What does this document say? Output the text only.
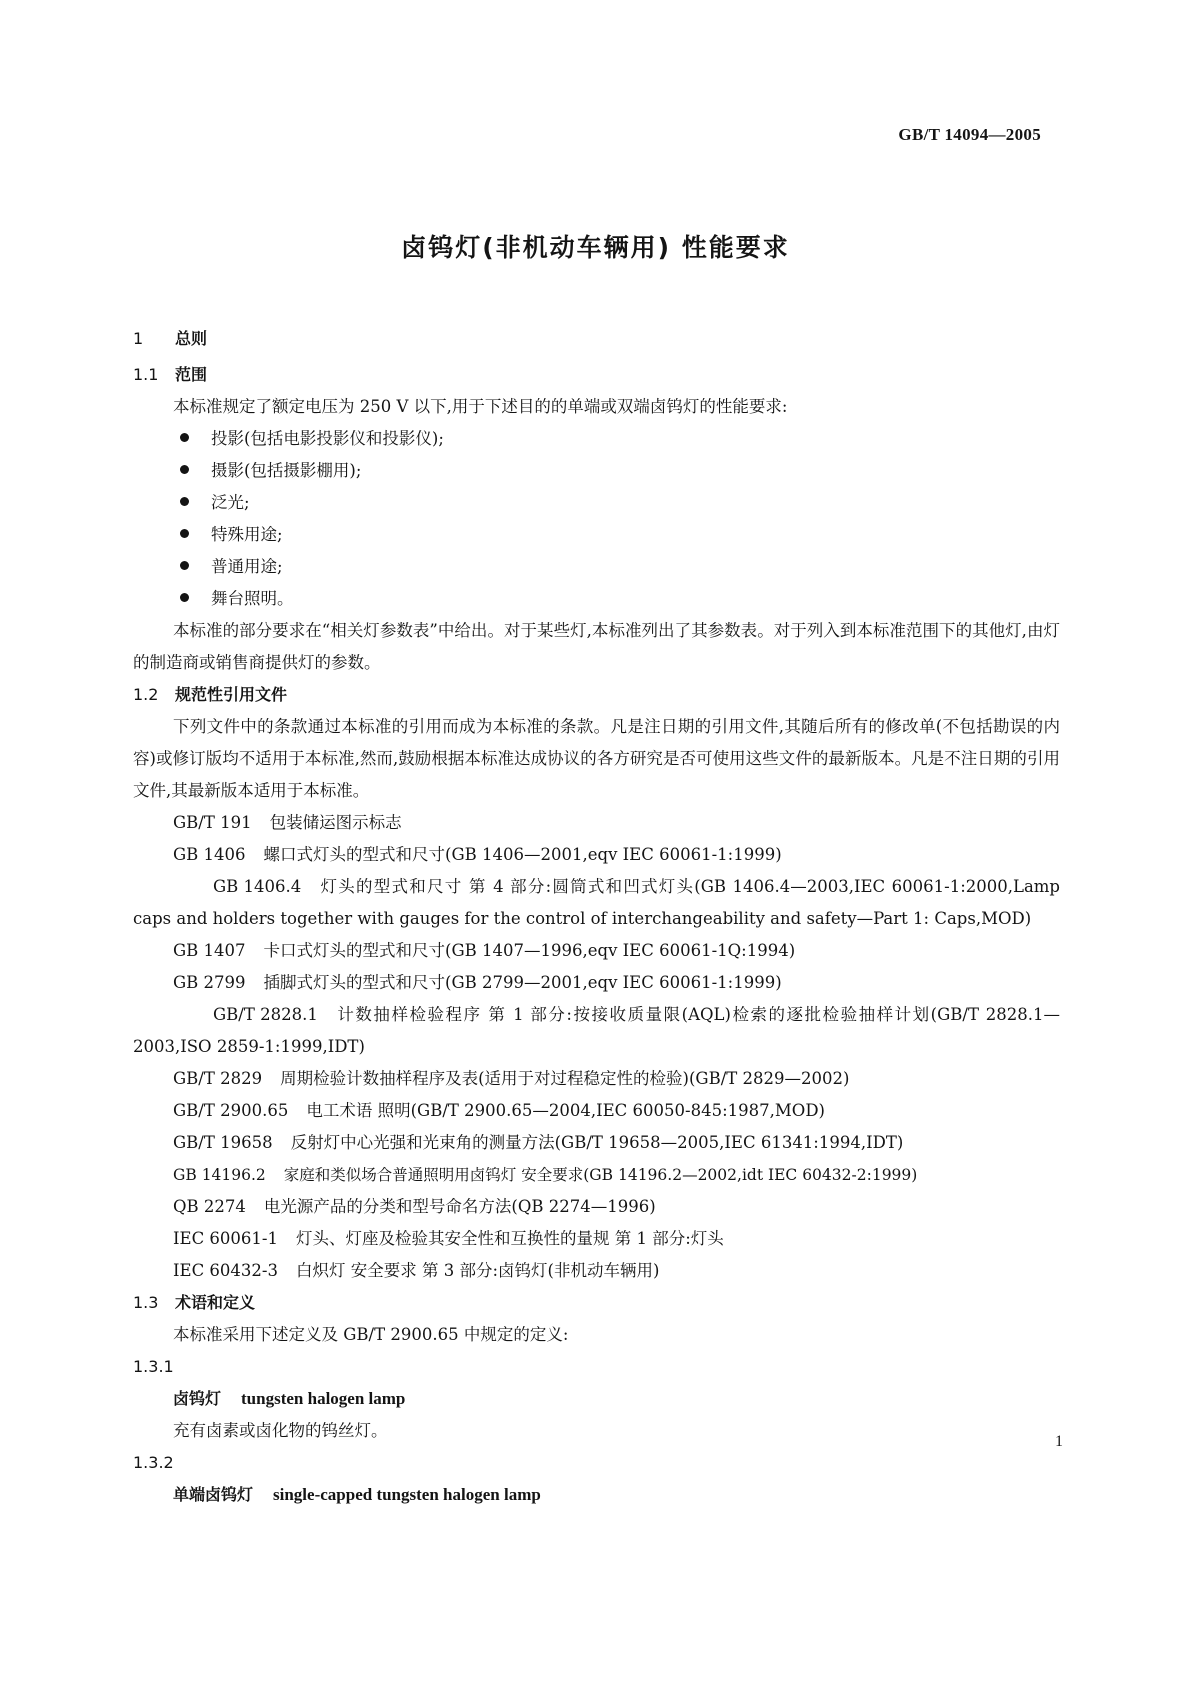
GB/T 14094—2005
卤钨灯(非机动车辆用) 性能要求
1 总则
1.1 范围
本标准规定了额定电压为 250 V 以下,用于下述目的的单端或双端卤钨灯的性能要求:
投影(包括电影投影仪和投影仪);
摄影(包括摄影棚用);
泛光;
特殊用途;
普通用途;
舞台照明。
本标准的部分要求在“相关灯参数表”中给出。对于某些灯,本标准列出了其参数表。对于列入到本标准范围下的其他灯,由灯的制造商或销售商提供灯的参数。
1.2 规范性引用文件
下列文件中的条款通过本标准的引用而成为本标准的条款。凡是注日期的引用文件,其随后所有的修改单(不包括勘误的内容)或修订版均不适用于本标准,然而,鼓励根据本标准达成协议的各方研究是否可使用这些文件的最新版本。凡是不注日期的引用文件,其最新版本适用于本标准。
GB/T 191 包装储运图示标志
GB 1406 螺口式灯头的型式和尺寸(GB 1406—2001,eqv IEC 60061-1:1999)
GB 1406.4 灯头的型式和尺寸 第 4 部分:圆筒式和凹式灯头(GB 1406.4—2003,IEC 60061-1:2000,Lamp caps and holders together with gauges for the control of interchangeability and safety—Part 1: Caps,MOD)
GB 1407 卡口式灯头的型式和尺寸(GB 1407—1996,eqv IEC 60061-1Q:1994)
GB 2799 插脚式灯头的型式和尺寸(GB 2799—2001,eqv IEC 60061-1:1999)
GB/T 2828.1 计数抽样检验程序 第 1 部分:按接收质量限(AQL)检索的逐批检验抽样计划(GB/T 2828.1—2003,ISO 2859-1:1999,IDT)
GB/T 2829 周期检验计数抽样程序及表(适用于对过程稳定性的检验)(GB/T 2829—2002)
GB/T 2900.65 电工术语 照明(GB/T 2900.65—2004,IEC 60050-845:1987,MOD)
GB/T 19658 反射灯中心光强和光束角的测量方法(GB/T 19658—2005,IEC 61341:1994,IDT)
GB 14196.2 家庭和类似场合普通照明用卤钨灯 安全要求(GB 14196.2—2002,idt IEC 60432-2:1999)
QB 2274 电光源产品的分类和型号命名方法(QB 2274—1996)
IEC 60061-1 灯头、灯座及检验其安全性和互换性的量规 第 1 部分:灯头
IEC 60432-3 白炽灯 安全要求 第 3 部分:卤钨灯(非机动车辆用)
1.3 术语和定义
本标准采用下述定义及 GB/T 2900.65 中规定的定义:
1.3.1
卤钨灯 tungsten halogen lamp
充有卤素或卤化物的钨丝灯。
1.3.2
单端卤钨灯 single-capped tungsten halogen lamp
1
